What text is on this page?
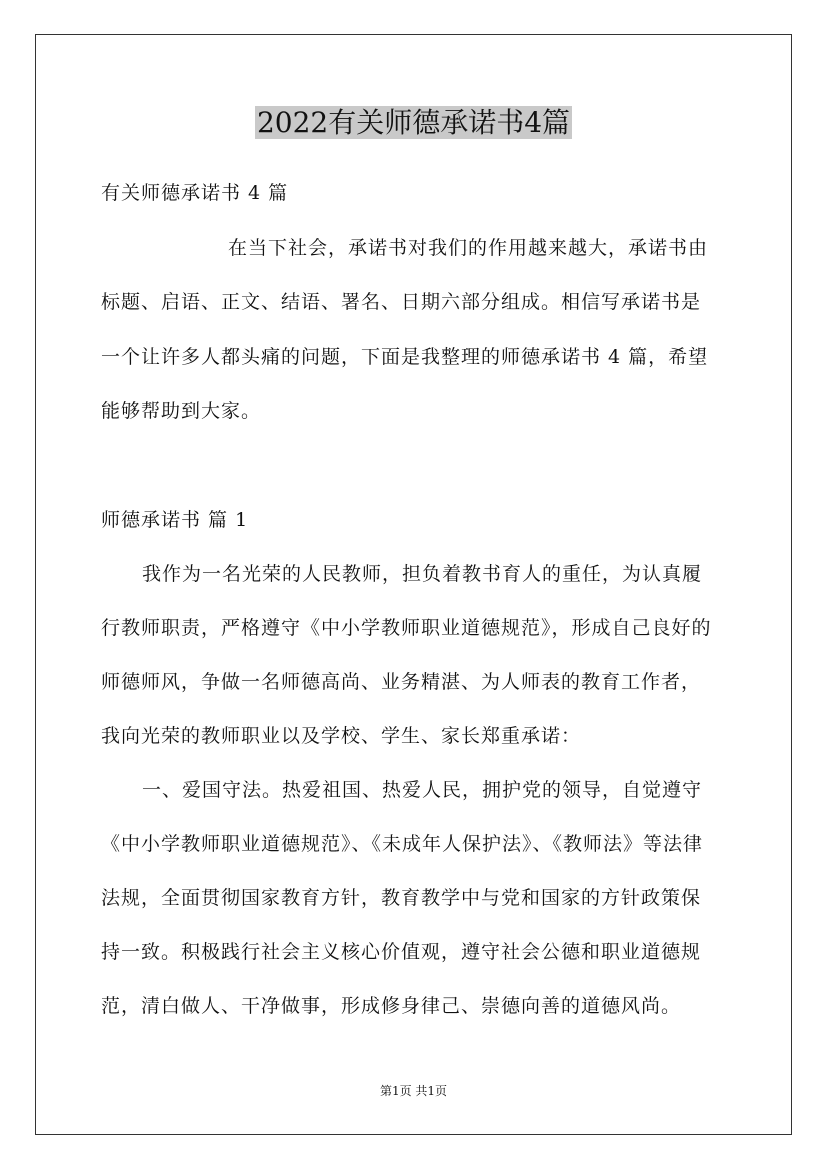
2022有关师德承诺书4篇
有关师德承诺书 4 篇
在当下社会，承诺书对我们的作用越来越大，承诺书由
标题、启语、正文、结语、署名、日期六部分组成。相信写承诺书是
一个让许多人都头痛的问题，下面是我整理的师德承诺书 4 篇，希望
能够帮助到大家。
师德承诺书 篇 1
我作为一名光荣的人民教师，担负着教书育人的重任，为认真履
行教师职责，严格遵守《中小学教师职业道德规范》，形成自己良好的
师德师风，争做一名师德高尚、业务精湛、为人师表的教育工作者，
我向光荣的教师职业以及学校、学生、家长郑重承诺：
一、爱国守法。热爱祖国、热爱人民，拥护党的领导，自觉遵守
《中小学教师职业道德规范》、《未成年人保护法》、《教师法》等法律
法规，全面贯彻国家教育方针，教育教学中与党和国家的方针政策保
持一致。积极践行社会主义核心价值观，遵守社会公德和职业道德规
范，清白做人、干净做事，形成修身律己、崇德向善的道德风尚。
第1页 共1页
